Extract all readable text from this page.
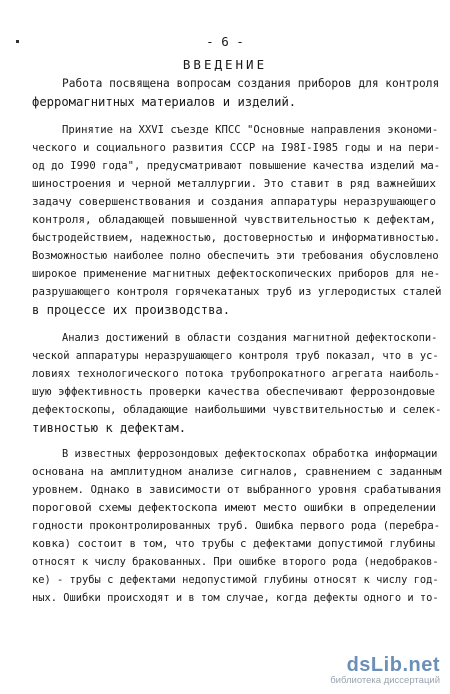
- 6 -
ВВЕДЕНИЕ
Работа посвящена вопросам создания приборов для контроля
ферромагнитных материалов и изделий.
Принятие на XXVI съезде КПСС "Основные направления экономи-
ческого и социального развития СССР на I98I-I985 годы и на пери-
од до I990 года", предусматривают повышение качества изделий ма-
шиностроения и черной металлургии. Это ставит в ряд важнейших
задачу совершенствования и создания аппаратуры неразрушающего
контроля, обладающей повышенной чувствительностью к дефектам,
быстродействием, надежностью, достоверностью и информативностью.
Возможностью наиболее полно обеспечить эти требования обусловлено
широкое применение магнитных дефектоскопических приборов для не-
разрушающего контроля горячекатаных труб из углеродистых сталей
в процессе их производства.
Анализ достижений в области создания магнитной дефектоскопи-
ческой аппаратуры неразрушающего контроля труб показал, что в ус-
ловиях технологического потока трубопрокатного агрегата наиболь-
шую эффективность проверки качества обеспечивают феррозондовые
дефектоскопы, обладающие наибольшими чувствительностью и селек-
тивностью к дефектам.
В известных феррозондовых дефектоскопах обработка информации
основана на амплитудном анализе сигналов, сравнением с заданным
уровнем. Однако в зависимости от выбранного уровня срабатывания
пороговой схемы дефектоскопа имеют место ошибки в определении
годности проконтролированных труб. Ошибка первого рода (перебра-
ковка) состоит в том, что трубы с дефектами допустимой глубины
относят к числу бракованных. При ошибке второго рода (недобраков-
ке) - трубы с дефектами недопустимой глубины относят к числу год-
ных. Ошибки происходят и в том случае, когда дефекты одного и то-
dsLib.net
библиотека диссертаций
